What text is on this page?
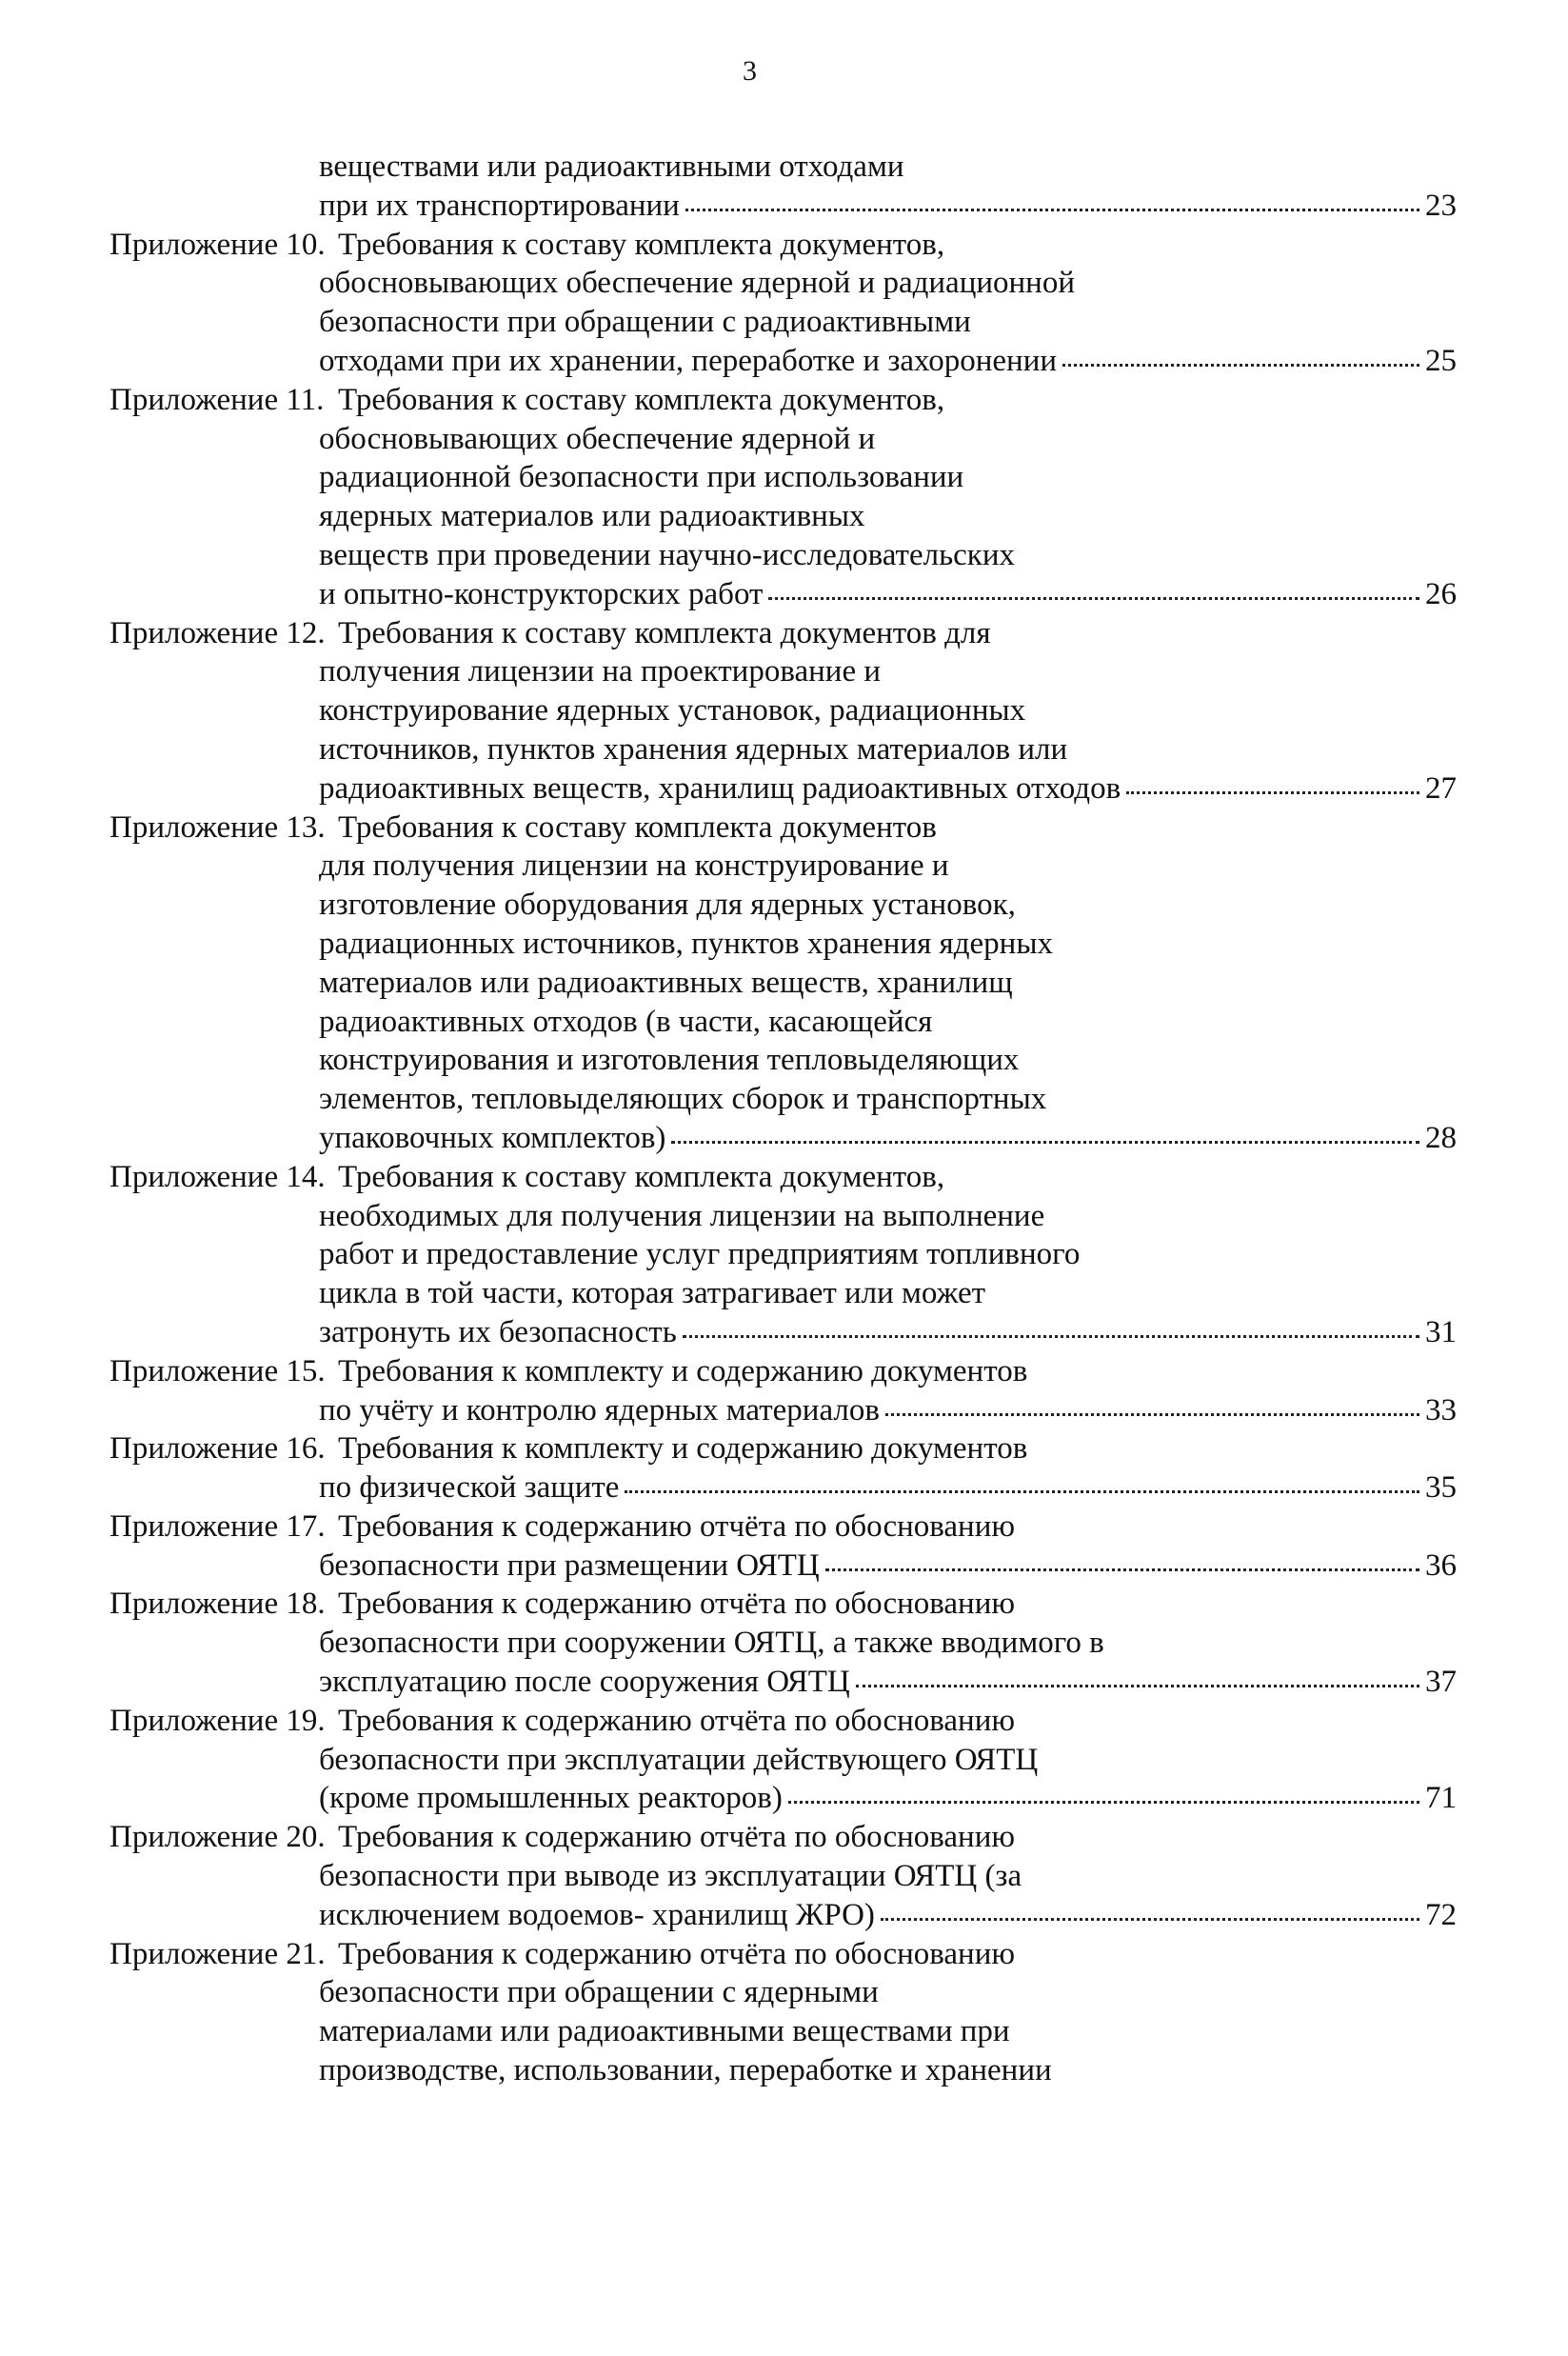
3
веществами или радиоактивными отходами
при их транспортировании	23
Приложение 10. Требования к составу комплекта документов,
обосновывающих обеспечение ядерной и радиационной
безопасности при обращении с радиоактивными
отходами при их хранении, переработке и захоронении	25
Приложение 11. Требования к составу комплекта документов,
обосновывающих обеспечение ядерной и
радиационной безопасности при использовании
ядерных материалов или радиоактивных
веществ при проведении научно-исследовательских
и опытно-конструкторских работ	26
Приложение 12. Требования к составу комплекта документов для
получения лицензии на проектирование и
конструирование ядерных установок, радиационных
источников, пунктов хранения ядерных материалов или
радиоактивных веществ, хранилищ радиоактивных отходов	27
Приложение 13. Требования к составу комплекта документов
для получения лицензии на конструирование и
изготовление оборудования для ядерных установок,
радиационных источников, пунктов хранения ядерных
материалов или радиоактивных веществ, хранилищ
радиоактивных отходов (в части, касающейся
конструирования и изготовления тепловыделяющих
элементов, тепловыделяющих сборок и транспортных
упаковочных комплектов)	28
Приложение 14. Требования к составу комплекта документов,
необходимых для получения лицензии на выполнение
работ и предоставление услуг предприятиям топливного
цикла в той части, которая затрагивает или может
затронуть их безопасность	31
Приложение 15. Требования к комплекту и содержанию документов
по учёту и контролю ядерных материалов	33
Приложение 16. Требования к комплекту и содержанию документов
по физической защите	35
Приложение 17. Требования к содержанию отчёта по обоснованию
безопасности при размещении ОЯТЦ	36
Приложение 18. Требования к содержанию отчёта по обоснованию
безопасности при сооружении ОЯТЦ, а также вводимого в
эксплуатацию после сооружения ОЯТЦ	37
Приложение 19. Требования к содержанию отчёта по обоснованию
безопасности при эксплуатации действующего ОЯТЦ
(кроме промышленных реакторов)	71
Приложение 20. Требования к содержанию отчёта по обоснованию
безопасности при выводе из эксплуатации ОЯТЦ (за
исключением водоемов- хранилищ ЖРО)	72
Приложение 21. Требования к содержанию отчёта по обоснованию
безопасности при обращении с ядерными
материалами или радиоактивными веществами при
производстве, использовании, переработке и хранении
